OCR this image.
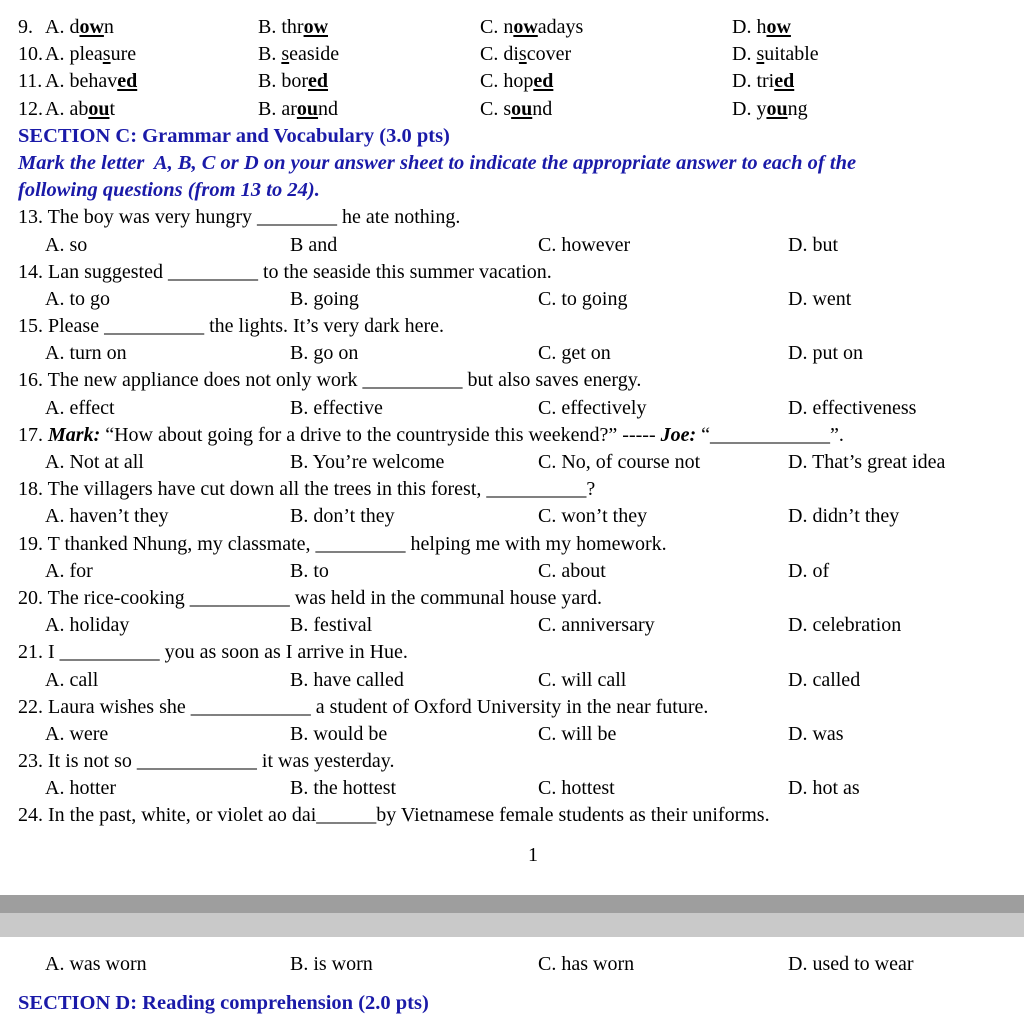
9. A. down	B. throw	C. nowadays	D. how
10. A. pleasure	B. seaside	C. discover	D. suitable
11. A. behaved	B. bored	C. hoped	D. tried
12. A. about	B. around	C. sound	D. young
SECTION C: Grammar and Vocabulary (3.0 pts)
Mark the letter  A, B, C or D on your answer sheet to indicate the appropriate answer to each of the
following questions (from 13 to 24).
13. The boy was very hungry ________ he ate nothing.
A. so	B and	C. however	D. but
14. Lan suggested _________ to the seaside this summer vacation.
A. to go	B. going	C. to going	D. went
15. Please __________ the lights. It’s very dark here.
A. turn on	B. go on	C. get on	D. put on
16. The new appliance does not only work __________ but also saves energy.
A. effect	B. effective	C. effectively	D. effectiveness
17. Mark: “How about going for a drive to the countryside this weekend?” ----- Joe: “____________”.
A. Not at all	B. You’re welcome	C. No, of course not	D. That’s great idea
18. The villagers have cut down all the trees in this forest, __________?
A. haven’t they	B. don’t they	C. won’t they	D. didn’t they
19. T thanked Nhung, my classmate, _________ helping me with my homework.
A. for	B. to	C. about	D. of
20. The rice-cooking __________ was held in the communal house yard.
A. holiday	B. festival	C. anniversary	D. celebration
21. I __________ you as soon as I arrive in Hue.
A. call	B. have called	C. will call	D. called
22. Laura wishes she ____________ a student of Oxford University in the near future.
A. were	B. would be	C. will be	D. was
23. It is not so ____________ it was yesterday.
A. hotter	B. the hottest	C. hottest	D. hot as
24. In the past, white, or violet ao dai______by Vietnamese female students as their uniforms.
1
A. was worn	B. is worn	C. has worn	D. used to wear
SECTION D: Reading comprehension (2.0 pts)
